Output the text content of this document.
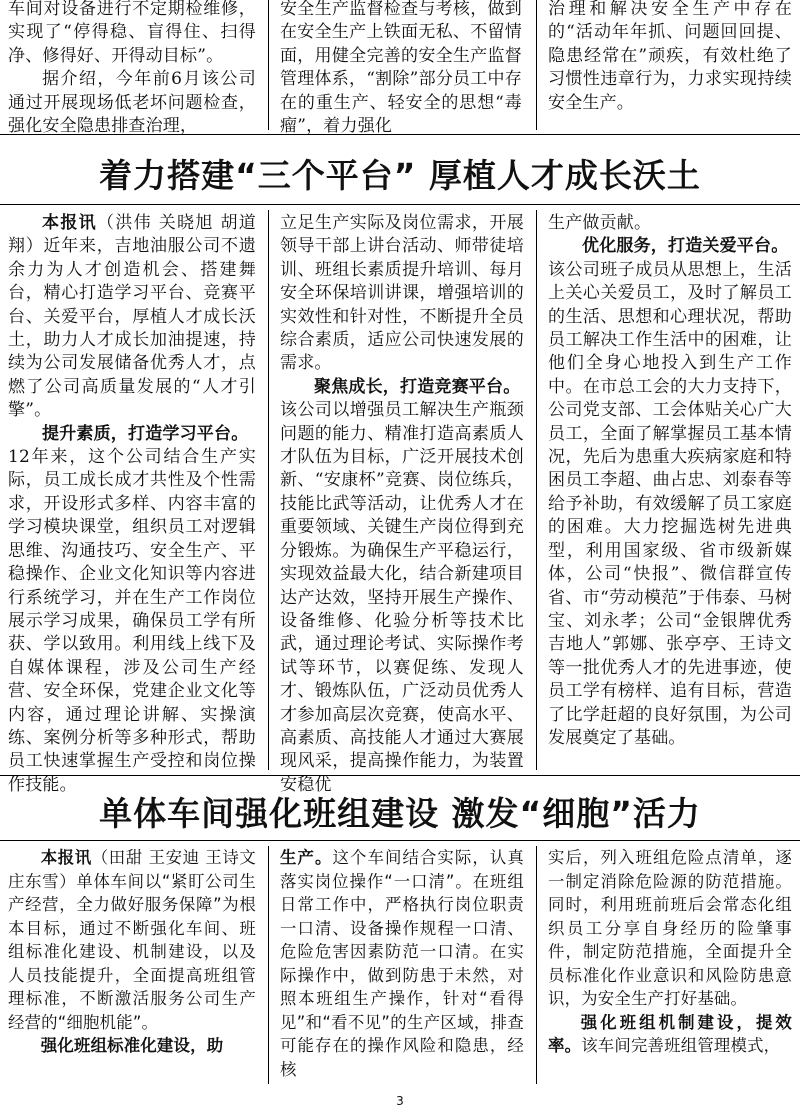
车间对设备进行不定期检维修，实现了“停得稳、盲得住、扫得净、修得好、开得动目标”。

据介绍，今年前6月该公司通过开展现场低老坏问题检查，强化安全隐患排查治理，

安全生产监督检查与考核，做到在安全生产上铁面无私、不留情面，用健全完善的安全生产监督管理体系，“割除”部分员工中存在的重生产、轻安全的思想“毒瘤”，着力强化

治理和解决安全生产中存在的“活动年年抓、问题回回提、隐患经常在”顽疾，有效杜绝了习惯性违章行为，力求实现持续安全生产。

着力搭建“三个平台” 厚植人才成长沃土

本报讯（洪伟 关晓旭 胡道翔）近年来，吉地油服公司不遗余力为人才创造机会、搭建舞台，精心打造学习平台、竞赛平台、关爱平台，厚植人才成长沃土，助力人才成长加油提速，持续为公司发展储备优秀人才，点燃了公司高质量发展的“人才引擎”。

提升素质，打造学习平台。

12年来，这个公司结合生产实际，员工成长成才共性及个性需求，开设形式多样、内容丰富的学习模块课堂，组织员工对逻辑思维、沟通技巧、安全生产、平稳操作、企业文化知识等内容进行系统学习，并在生产工作岗位展示学习成果，确保员工学有所获、学以致用。利用线上线下及自媒体课程，涉及公司生产经营、安全环保，党建企业文化等内容，通过理论讲解、实操演练、案例分析等多种形式，帮助员工快速掌握生产受控和岗位操作技能。

立足生产实际及岗位需求，开展领导干部上讲台活动、师带徒培训、班组长素质提升培训、每月安全环保培训讲课，增强培训的实效性和针对性，不断提升全员综合素质，适应公司快速发展的需求。

聚焦成长，打造竞赛平台。

该公司以增强员工解决生产瓶颈问题的能力、精准打造高素质人才队伍为目标，广泛开展技术创新、“安康杯”竞赛、岗位练兵，技能比武等活动，让优秀人才在重要领域、关键生产岗位得到充分锻炼。为确保生产平稳运行，实现效益最大化，结合新建项目达产达效，坚持开展生产操作、设备维修、化验分析等技术比武，通过理论考试、实际操作考试等环节，以赛促练、发现人才、锻炼队伍，广泛动员优秀人才参加高层次竞赛，使高水平、高素质、高技能人才通过大赛展现风采，提高操作能力，为装置安稳优

生产做贡献。

优化服务，打造关爱平台。

该公司班子成员从思想上，生活上关心关爱员工，及时了解员工的生活、思想和心理状况，帮助员工解决工作生活中的困难，让他们全身心地投入到生产工作中。在市总工会的大力支持下，公司党支部、工会体贴关心广大员工，全面了解掌握员工基本情况，先后为患重大疾病家庭和特困员工李超、曲占忠、刘泰春等给予补助，有效缓解了员工家庭的困难。大力挖掘选树先进典型，利用国家级、省市级新媒体，公司“快报”、微信群宣传省、市“劳动模范”于伟泰、马树宝、刘永孝；公司“金银牌优秀吉地人”郭娜、张亭亭、王诗文等一批优秀人才的先进事迹，使员工学有榜样、追有目标，营造了比学赶超的良好氛围，为公司发展奠定了基础。

单体车间强化班组建设 激发“细胞”活力

本报讯（田甜 王安迪 王诗文 庄东雪）单体车间以“紧盯公司生产经营，全力做好服务保障”为根本目标，通过不断强化车间、班组标准化建设、机制建设，以及人员技能提升，全面提高班组管理标准，不断激活服务公司生产经营的“细胞机能”。

强化班组标准化建设，助

生产。这个车间结合实际，认真落实岗位操作“一口清”。在班组日常工作中，严格执行岗位职责一口清、设备操作规程一口清、危险危害因素防范一口清。在实际操作中，做到防患于未然，对照本班组生产操作，针对“看得见”和“看不见”的生产区域，排查可能存在的操作风险和隐患，经核

实后，列入班组危险点清单，逐一制定消除危险源的防范措施。同时，利用班前班后会常态化组织员工分享自身经历的险肇事件，制定防范措施，全面提升全员标准化作业意识和风险防患意识，为安全生产打好基础。

强化班组机制建设，提效率。该车间完善班组管理模式，

3
